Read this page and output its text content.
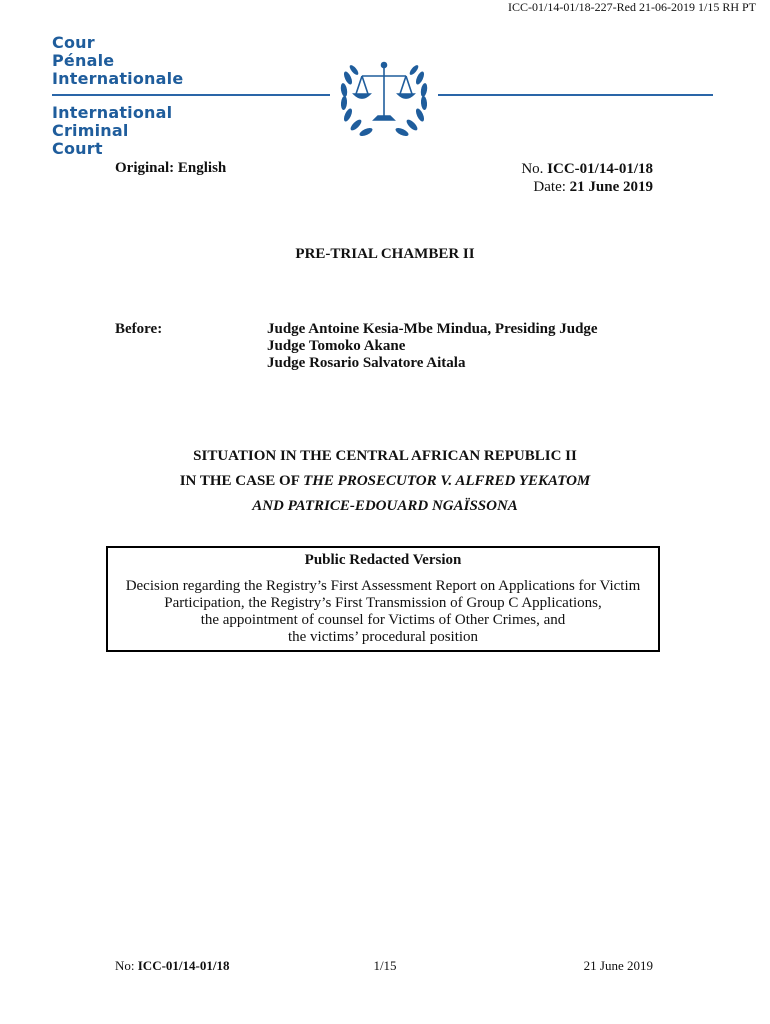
ICC-01/14-01/18-227-Red 21-06-2019 1/15 RH PT
Cour
Pénale
Internationale
International
Criminal
Court
Original: English	No. ICC-01/14-01/18
Date: 21 June 2019
PRE-TRIAL CHAMBER II
Before:	Judge Antoine Kesia-Mbe Mindua, Presiding Judge
Judge Tomoko Akane
Judge Rosario Salvatore Aitala
SITUATION IN THE CENTRAL AFRICAN REPUBLIC II
IN THE CASE OF THE PROSECUTOR V. ALFRED YEKATOM
AND PATRICE-EDOUARD NGAÏSSONA
Public Redacted Version
Decision regarding the Registry’s First Assessment Report on Applications for Victim
Participation, the Registry’s First Transmission of Group C Applications,
the appointment of counsel for Victims of Other Crimes, and
the victims’ procedural position
No: ICC-01/14-01/18	1/15	21 June 2019
